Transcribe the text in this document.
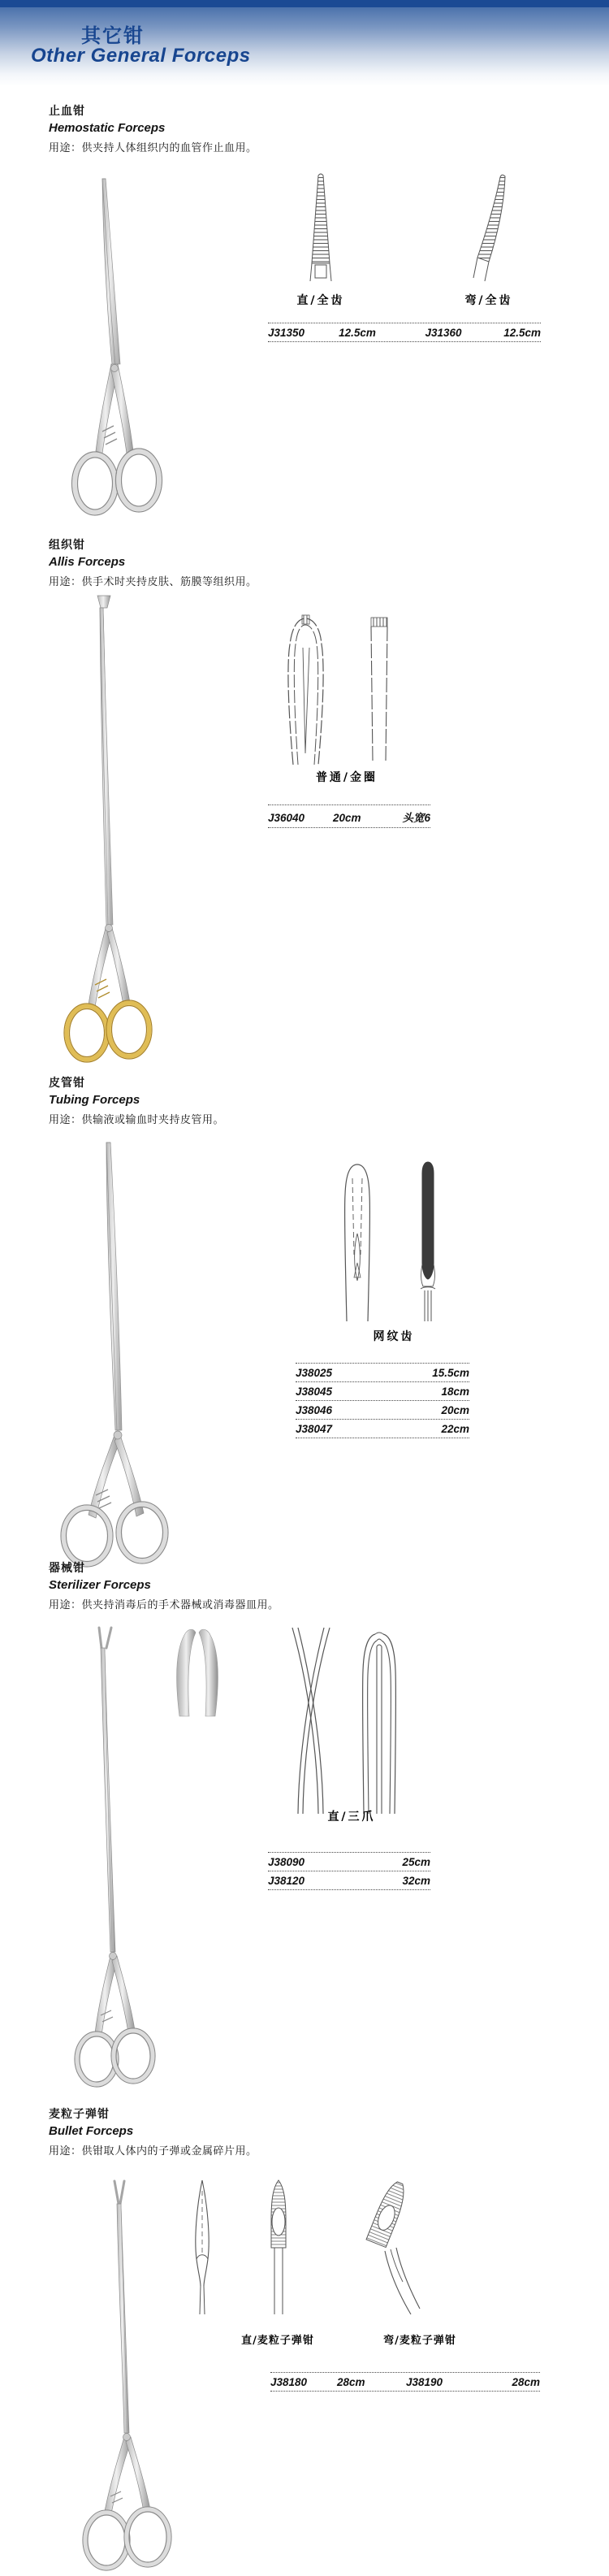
其它钳
Other General Forceps
止血钳
Hemostatic Forceps
用途：供夹持人体组织内的血管作止血用。
直/全齿	弯/全齿
J31350	12.5cm	J31360	12.5cm
组织钳
Allis Forceps
用途：供手术时夹持皮肤、筋膜等组织用。
普通/金圈
J36040	20cm	头宽6
皮管钳
Tubing Forceps
用途：供输液或输血时夹持皮管用。
网纹齿
J38025	15.5cm
J38045	18cm
J38046	20cm
J38047	22cm
器械钳
Sterilizer Forceps
用途：供夹持消毒后的手术器械或消毒器皿用。
直/三爪
J38090	25cm
J38120	32cm
麦粒子弹钳
Bullet Forceps
用途：供钳取人体内的子弹或金属碎片用。
直/麦粒子弹钳	弯/麦粒子弹钳
J38180	28cm	J38190	28cm
